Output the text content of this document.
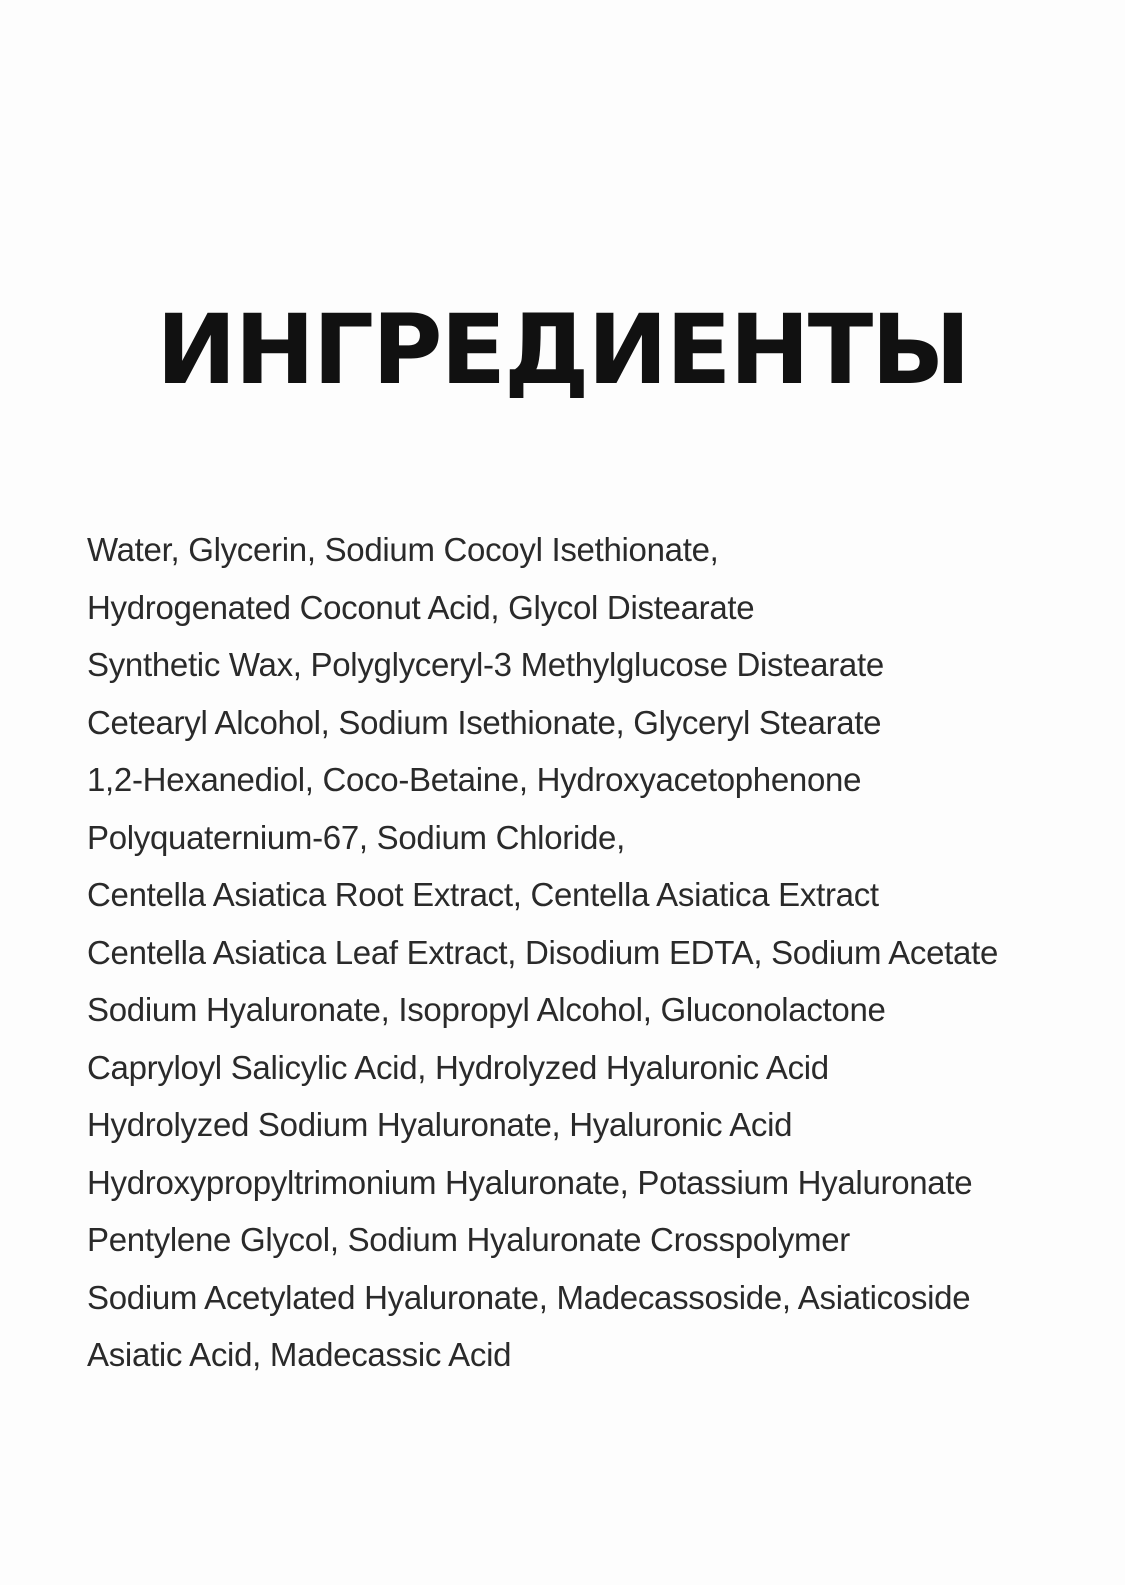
ИНГРЕДИЕНТЫ
Water, Glycerin, Sodium Cocoyl Isethionate,
Hydrogenated Coconut Acid, Glycol Distearate
Synthetic Wax, Polyglyceryl-3 Methylglucose Distearate
Cetearyl Alcohol, Sodium Isethionate, Glyceryl Stearate
1,2-Hexanediol, Coco-Betaine, Hydroxyacetophenone
Polyquaternium-67, Sodium Chloride,
Centella Asiatica Root Extract, Centella Asiatica Extract
Centella Asiatica Leaf Extract, Disodium EDTA, Sodium Acetate
Sodium Hyaluronate, Isopropyl Alcohol, Gluconolactone
Capryloyl Salicylic Acid, Hydrolyzed Hyaluronic Acid
Hydrolyzed Sodium Hyaluronate, Hyaluronic Acid
Hydroxypropyltrimonium Hyaluronate, Potassium Hyaluronate
Pentylene Glycol, Sodium Hyaluronate Crosspolymer
Sodium Acetylated Hyaluronate, Madecassoside, Asiaticoside
Asiatic Acid, Madecassic Acid
